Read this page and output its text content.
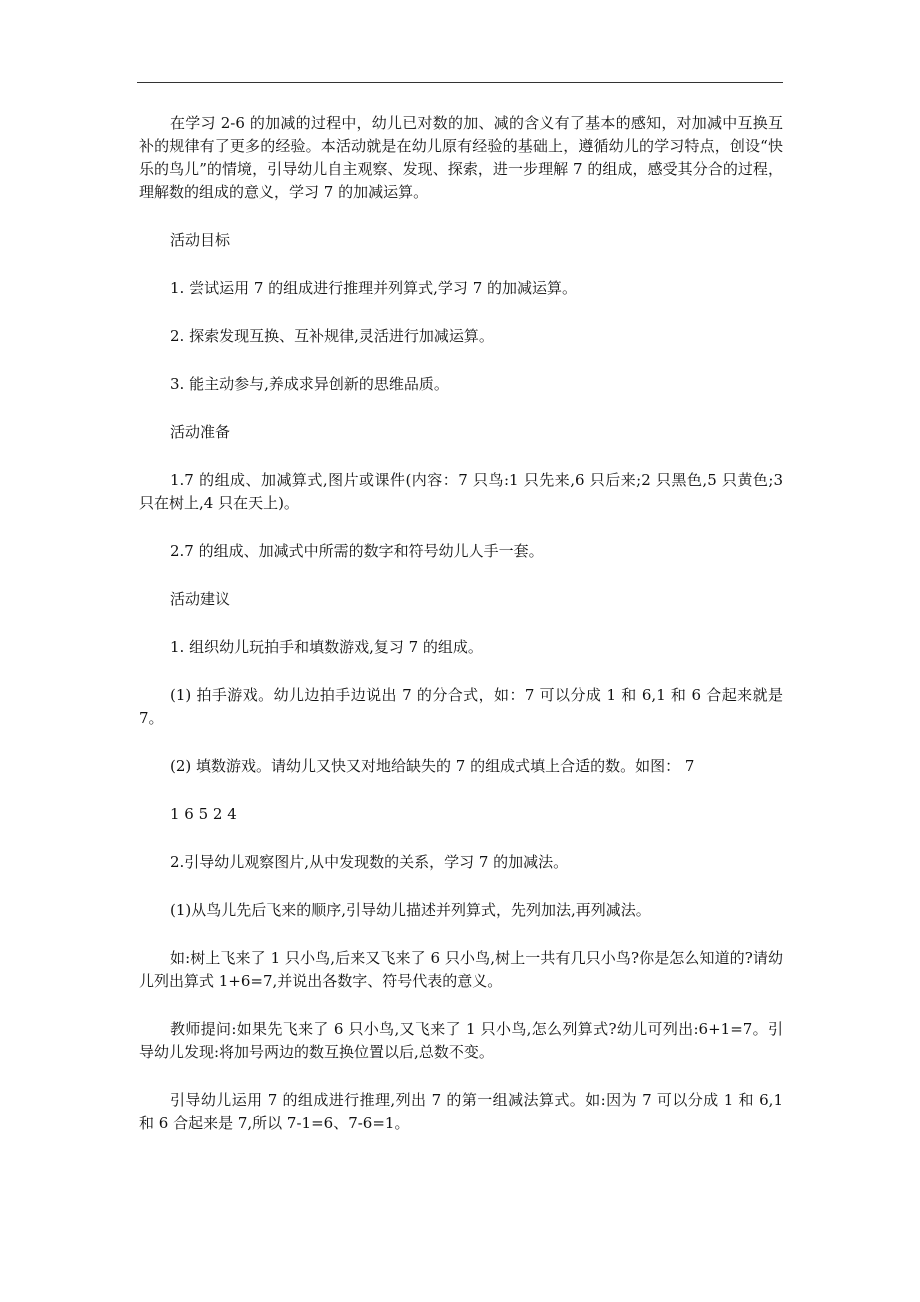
在学习 2-6 的加减的过程中，幼儿已对数的加、减的含义有了基本的感知，对加减中互换互补的规律有了更多的经验。本活动就是在幼儿原有经验的基础上，遵循幼儿的学习特点，创设“快乐的鸟儿”的情境，引导幼儿自主观察、发现、探索，进一步理解 7 的组成，感受其分合的过程，理解数的组成的意义，学习 7 的加减运算。

活动目标

1. 尝试运用 7 的组成进行推理并列算式,学习 7 的加减运算。

2. 探索发现互换、互补规律,灵活进行加减运算。

3. 能主动参与,养成求异创新的思维品质。

活动准备

1.7 的组成、加减算式,图片或课件(内容：7 只鸟:1 只先来,6 只后来;2 只黑色,5 只黄色;3 只在树上,4 只在天上)。

2.7 的组成、加减式中所需的数字和符号幼儿人手一套。

活动建议

1. 组织幼儿玩拍手和填数游戏,复习 7 的组成。

(1) 拍手游戏。幼儿边拍手边说出 7 的分合式，如：7 可以分成 1 和 6,1 和 6 合起来就是 7。

(2) 填数游戏。请幼儿又快又对地给缺失的 7 的组成式填上合适的数。如图： 7

1 6 5 2 4

2.引导幼儿观察图片,从中发现数的关系，学习 7 的加减法。

(1)从鸟儿先后飞来的顺序,引导幼儿描述并列算式，先列加法,再列减法。

如:树上飞来了 1 只小鸟,后来又飞来了 6 只小鸟,树上一共有几只小鸟?你是怎么知道的?请幼儿列出算式 1+6=7,并说出各数字、符号代表的意义。

教师提问:如果先飞来了 6 只小鸟,又飞来了 1 只小鸟,怎么列算式?幼儿可列出:6+1=7。引导幼儿发现:将加号两边的数互换位置以后,总数不变。

引导幼儿运用 7 的组成进行推理,列出 7 的第一组减法算式。如:因为 7 可以分成 1 和 6,1 和 6 合起来是 7,所以 7-1=6、7-6=1。
